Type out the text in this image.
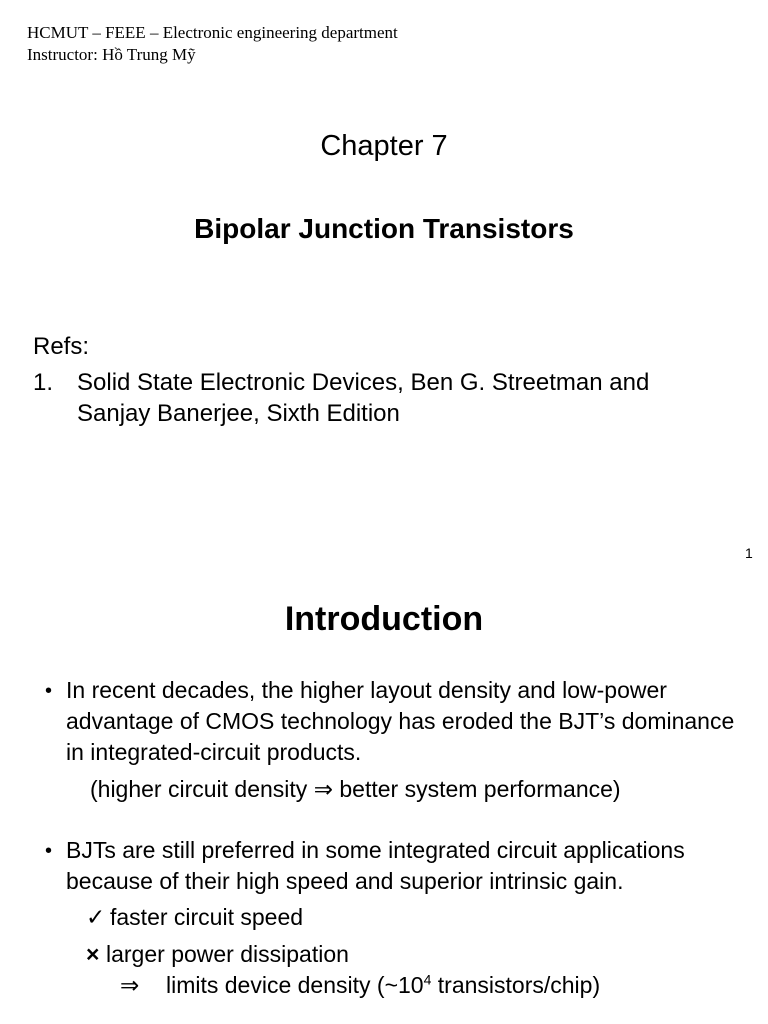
HCMUT – FEEE – Electronic engineering department
Instructor: Hồ Trung Mỹ
Chapter 7
Bipolar Junction Transistors
Refs:
1. Solid State Electronic Devices, Ben G. Streetman and
Sanjay Banerjee, Sixth Edition
1
Introduction
• In recent decades, the higher layout density and low-power
advantage of CMOS technology has eroded the BJT’s dominance
in integrated-circuit products.
(higher circuit density ⇒ better system performance)
• BJTs are still preferred in some integrated circuit applications
because of their high speed and superior intrinsic gain.
✓ faster circuit speed
× larger power dissipation
⇒ limits device density ($\sim 10^4$ transistors/chip)
